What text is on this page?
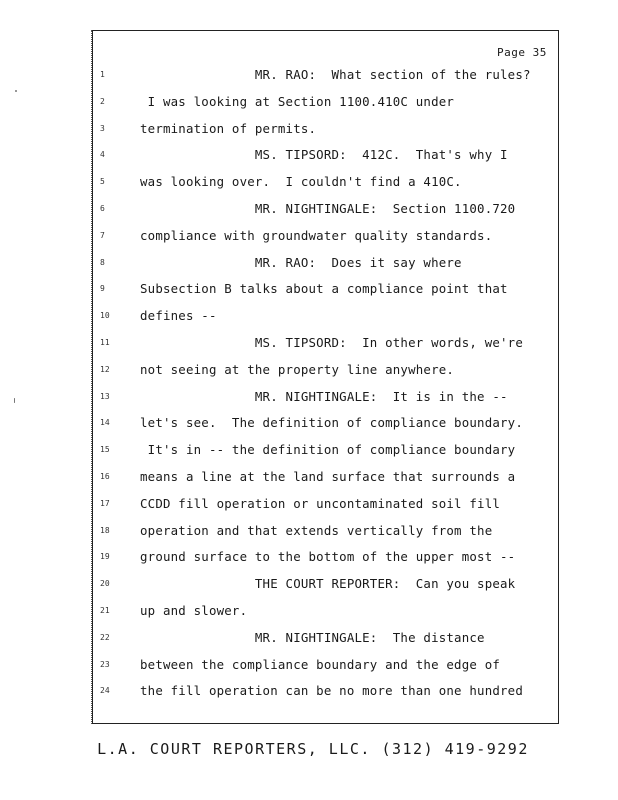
Page 35
1	MR. RAO:  What section of the rules?
2	I was looking at Section 1100.410C under
3	termination of permits.
4	MS. TIPSORD:  412C.  That's why I
5	was looking over.  I couldn't find a 410C.
6	MR. NIGHTINGALE:  Section 1100.720
7	compliance with groundwater quality standards.
8	MR. RAO:  Does it say where
9	Subsection B talks about a compliance point that
10	defines --
11	MS. TIPSORD:  In other words, we're
12	not seeing at the property line anywhere.
13	MR. NIGHTINGALE:  It is in the --
14	let's see.  The definition of compliance boundary.
15	It's in -- the definition of compliance boundary
16	means a line at the land surface that surrounds a
17	CCDD fill operation or uncontaminated soil fill
18	operation and that extends vertically from the
19	ground surface to the bottom of the upper most --
20	THE COURT REPORTER:  Can you speak
21	up and slower.
22	MR. NIGHTINGALE:  The distance
23	between the compliance boundary and the edge of
24	the fill operation can be no more than one hundred
L.A. COURT REPORTERS, LLC. (312) 419-9292
